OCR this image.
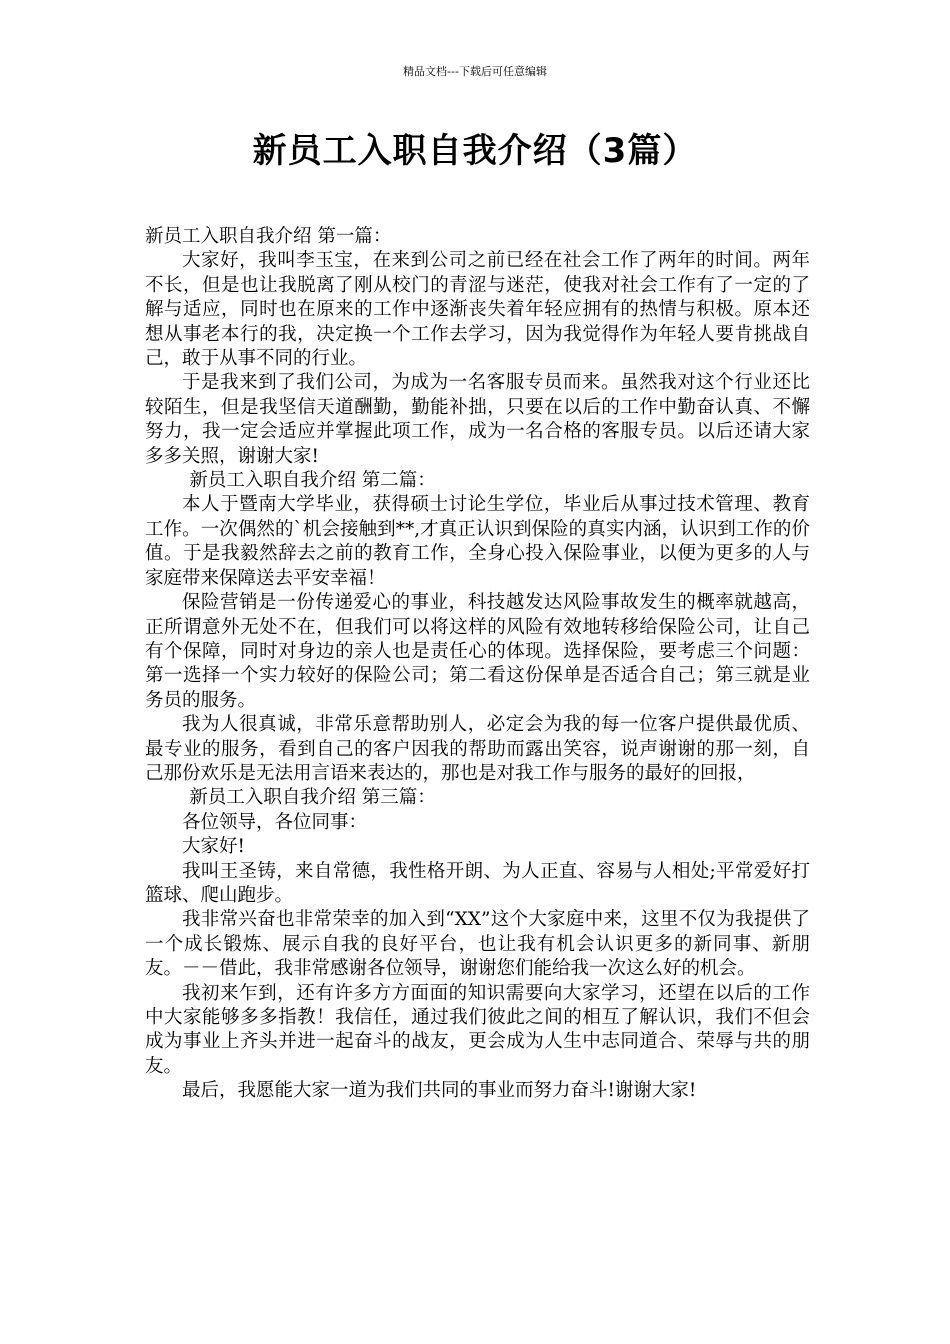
精品文档---下载后可任意编辑
新员工入职自我介绍（3篇）

新员工入职自我介绍 第一篇：

大家好，我叫李玉宝，在来到公司之前已经在社会工作了两年的时间。两年不长，但是也让我脱离了刚从校门的青涩与迷茫，使我对社会工作有了一定的了解与适应，同时也在原来的工作中逐渐丧失着年轻应拥有的热情与积极。原本还想从事老本行的我，决定换一个工作去学习，因为我觉得作为年轻人要肯挑战自己，敢于从事不同的行业。

于是我来到了我们公司，为成为一名客服专员而来。虽然我对这个行业还比较陌生，但是我坚信天道酬勤，勤能补拙，只要在以后的工作中勤奋认真、不懈努力，我一定会适应并掌握此项工作，成为一名合格的客服专员。以后还请大家多多关照，谢谢大家!

新员工入职自我介绍 第二篇：

本人于暨南大学毕业，获得硕士讨论生学位，毕业后从事过技术管理、教育工作。一次偶然的`机会接触到**,才真正认识到保险的真实内涵，认识到工作的价值。于是我毅然辞去之前的教育工作，全身心投入保险事业，以便为更多的人与家庭带来保障送去平安幸福！

保险营销是一份传递爱心的事业，科技越发达风险事故发生的概率就越高，正所谓意外无处不在，但我们可以将这样的风险有效地转移给保险公司，让自己有个保障，同时对身边的亲人也是责任心的体现。选择保险，要考虑三个问题：第一选择一个实力较好的保险公司；第二看这份保单是否适合自己；第三就是业务员的服务。

我为人很真诚，非常乐意帮助别人，必定会为我的每一位客户提供最优质、最专业的服务，看到自己的客户因我的帮助而露出笑容，说声谢谢的那一刻，自己那份欢乐是无法用言语来表达的，那也是对我工作与服务的最好的回报，

新员工入职自我介绍 第三篇：

各位领导，各位同事：

大家好!

我叫王圣铸，来自常德，我性格开朗、为人正直、容易与人相处;平常爱好打篮球、爬山跑步。

我非常兴奋也非常荣幸的加入到“XX”这个大家庭中来，这里不仅为我提供了一个成长锻炼、展示自我的良好平台，也让我有机会认识更多的新同事、新朋友。－－借此，我非常感谢各位领导，谢谢您们能给我一次这么好的机会。

我初来乍到，还有许多方方面面的知识需要向大家学习，还望在以后的工作中大家能够多多指教！我信任，通过我们彼此之间的相互了解认识，我们不但会成为事业上齐头并进一起奋斗的战友，更会成为人生中志同道合、荣辱与共的朋友。

最后，我愿能大家一道为我们共同的事业而努力奋斗!谢谢大家!
